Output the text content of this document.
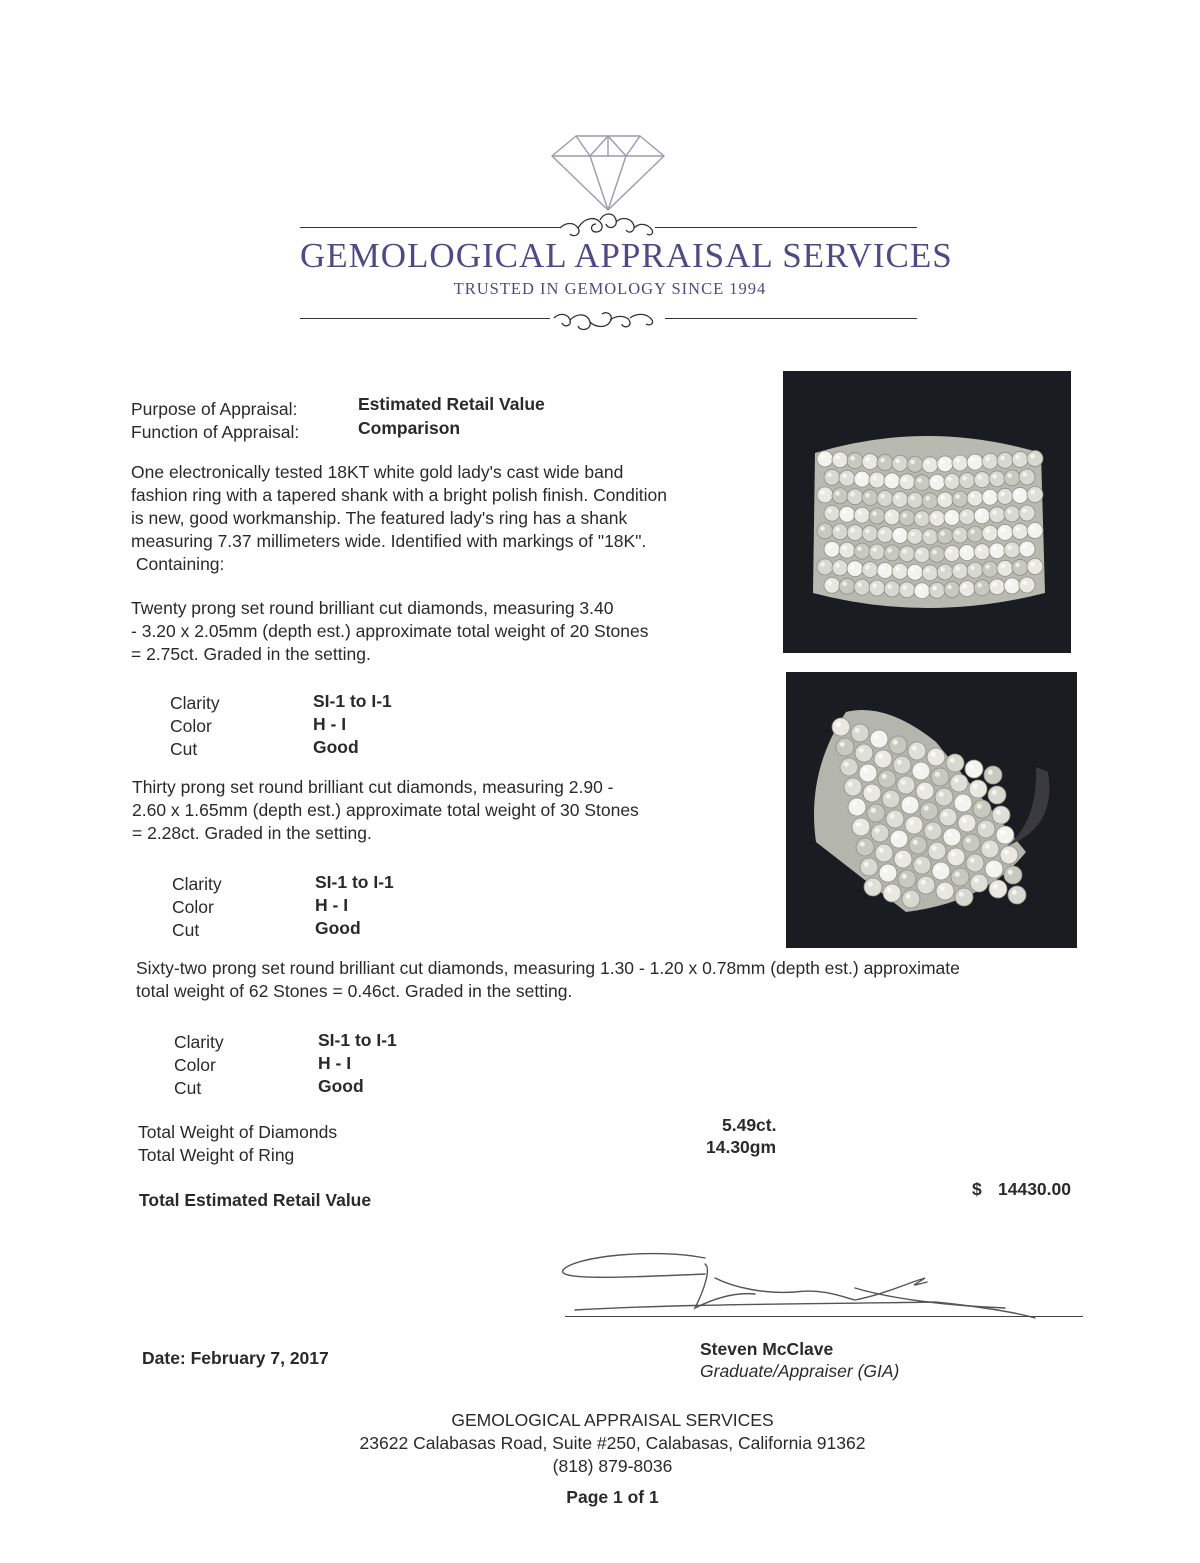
GEMOLOGICAL APPRAISAL SERVICES
TRUSTED IN GEMOLOGY SINCE 1994
Purpose of Appraisal:	Estimated Retail Value
Function of Appraisal:	Comparison
One electronically tested 18KT white gold lady's cast wide band
fashion ring with a tapered shank with a bright polish finish. Condition
is new, good workmanship. The featured lady's ring has a shank
measuring 7.37 millimeters wide. Identified with markings of "18K".
Containing:
Twenty prong set round brilliant cut diamonds, measuring 3.40
- 3.20 x 2.05mm (depth est.) approximate total weight of 20 Stones
= 2.75ct. Graded in the setting.
Clarity	SI-1 to I-1
Color	H - I
Cut	Good
Thirty prong set round brilliant cut diamonds, measuring 2.90 -
2.60 x 1.65mm (depth est.) approximate total weight of 30 Stones
= 2.28ct. Graded in the setting.
Clarity	SI-1 to I-1
Color	H - I
Cut	Good
Sixty-two prong set round brilliant cut diamonds, measuring 1.30 - 1.20 x 0.78mm (depth est.) approximate
total weight of 62 Stones = 0.46ct. Graded in the setting.
Clarity	SI-1 to I-1
Color	H - I
Cut	Good
Total Weight of Diamonds	5.49ct.
Total Weight of Ring	14.30gm
Total Estimated Retail Value
$ 14430.00
Date: February 7, 2017	Steven McClave
Graduate/Appraiser (GIA)
GEMOLOGICAL APPRAISAL SERVICES
23622 Calabasas Road, Suite #250, Calabasas, California 91362
(818) 879-8036
Page 1 of 1
